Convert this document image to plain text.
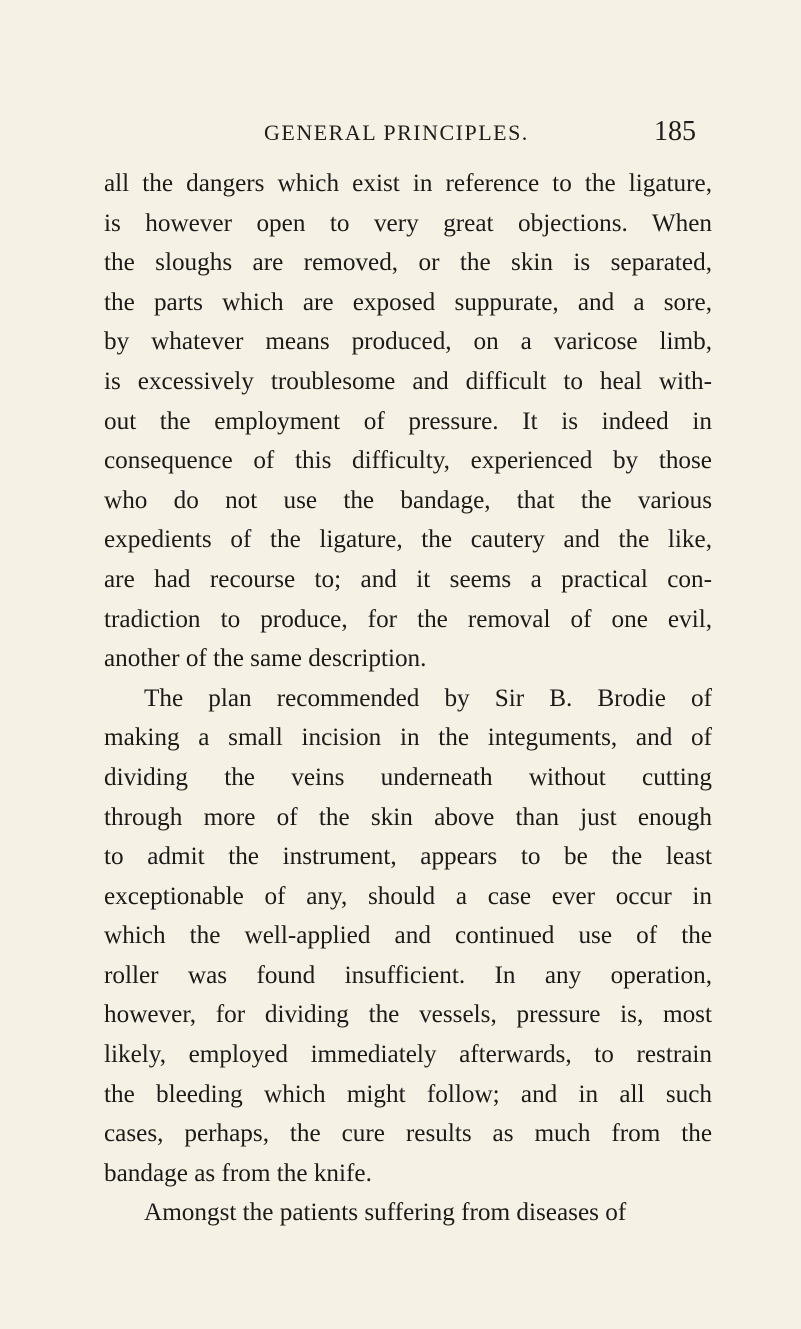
GENERAL PRINCIPLES.	185
all the dangers which exist in reference to the ligature,
is however open to very great objections. When
the sloughs are removed, or the skin is separated,
the parts which are exposed suppurate, and a sore,
by whatever means produced, on a varicose limb,
is excessively troublesome and difficult to heal with-
out the employment of pressure. It is indeed in
consequence of this difficulty, experienced by those
who do not use the bandage, that the various
expedients of the ligature, the cautery and the like,
are had recourse to; and it seems a practical con-
tradiction to produce, for the removal of one evil,
another of the same description.
The plan recommended by Sir B. Brodie of
making a small incision in the integuments, and of
dividing the veins underneath without cutting
through more of the skin above than just enough
to admit the instrument, appears to be the least
exceptionable of any, should a case ever occur in
which the well-applied and continued use of the
roller was found insufficient. In any operation,
however, for dividing the vessels, pressure is, most
likely, employed immediately afterwards, to restrain
the bleeding which might follow; and in all such
cases, perhaps, the cure results as much from the
bandage as from the knife.
Amongst the patients suffering from diseases of
